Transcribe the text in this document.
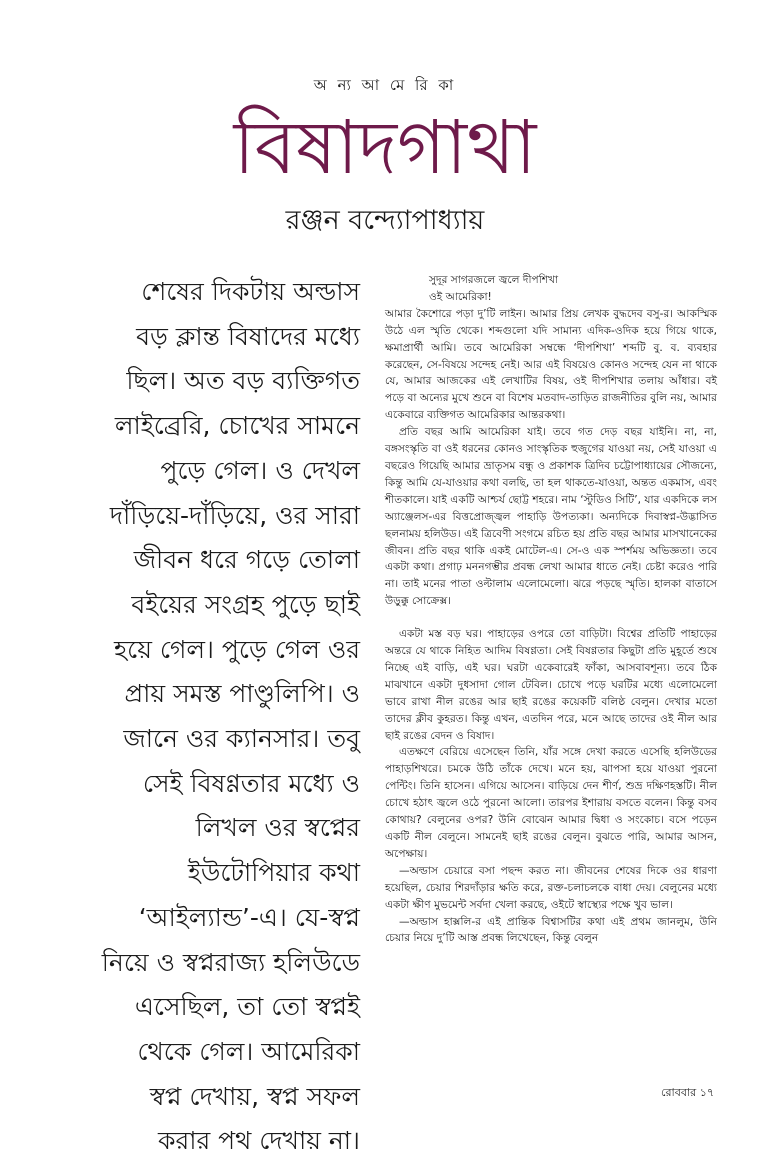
অ ন্য আ মে রি কা
বিষাদগাথা
রঞ্জন বন্দ্যোপাধ্যায়
শেষের দিকটায় অল্ডাস
বড় ক্লান্ত বিষাদের মধ্যে
ছিল। অত বড় ব্যক্তিগত
লাইব্রেরি, চোখের সামনে
পুড়ে গেল। ও দেখল
দাঁড়িয়ে-দাঁড়িয়ে, ওর সারা
জীবন ধরে গড়ে তোলা
বইয়ের সংগ্রহ পুড়ে ছাই
হয়ে গেল। পুড়ে গেল ওর
প্রায় সমস্ত পাণ্ডুলিপি। ও
জানে ওর ক্যানসার। তবু
সেই বিষণ্ণতার মধ্যে ও
লিখল ওর স্বপ্নের
ইউটোপিয়ার কথা
‘আইল্যান্ড’-এ। যে-স্বপ্ন
নিয়ে ও স্বপ্নরাজ্য হলিউডে
এসেছিল, তা তো স্বপ্নই
থেকে গেল। আমেরিকা
স্বপ্ন দেখায়, স্বপ্ন সফল
করার পথ দেখায় না।
সুদূর সাগরজলে জ্বলে দীপশিখা
ওই আমেরিকা!

আমার কৈশোরে পড়া দু’টি লাইন। আমার প্রিয় লেখক বুদ্ধদেব বসু-র। আকস্মিক উঠে এল স্মৃতি থেকে। শব্দগুলো যদি সামান্য এদিক-ওদিক হয়ে গিয়ে থাকে, ক্ষমাপ্রার্থী আমি। তবে আমেরিকা সম্বন্ধে ‘দীপশিখা’ শব্দটি বু. ব. ব্যবহার করেছেন, সে-বিষয়ে সন্দেহ নেই। আর এই বিষয়েও কোনও সন্দেহ যেন না থাকে যে, আমার আজকের এই লেখাটির বিষয়, ওই দীপশিখার তলায় আঁধার। বই পড়ে বা অন্যের মুখে শুনে বা বিশেষ মতবাদ-তাড়িত রাজনীতির বুলি নয়, আমার একেবারে ব্যক্তিগত আমেরিকার আন্তরকথা।

প্রতি বছর আমি আমেরিকা যাই। তবে গত দেড় বছর যাইনি। না, না, বঙ্গসংস্কৃতি বা ওই ধরনের কোনও সাংস্কৃতিক হুজুগের যাওয়া নয়, সেই যাওয়া এ বছরেও গিয়েছি আমার ভ্রাতৃসম বন্ধু ও প্রকাশক ত্রিদিব চট্টোপাধ্যায়ের সৌজন্যে, কিন্তু আমি যে-যাওয়ার কথা বলছি, তা হল থাকতে-যাওয়া, অন্তত একমাস, এবং শীতকালে। যাই একটি আশ্চর্য ছোট্ট শহরে। নাম ‘স্টুডিও সিটি’, যার একদিকে লস অ্যাঞ্জেলস-এর বিত্তপ্রোজ্জ্বল পাহাড়ি উপত্যকা। অন্যদিকে দিবাস্বপ্ন-উদ্ভাসিত ছলনাময় হলিউড। এই ত্রিবেণী সংগমে রচিত হয় প্রতি বছর আমার মাসখানেকের জীবন। প্রতি বছর থাকি একই মোটেল-এ। সে-ও এক স্পর্শময় অভিজ্ঞতা। তবে একটা কথা। প্রগাঢ় মননগম্ভীর প্রবন্ধ লেখা আমার ধাতে নেই। চেষ্টা করেও পারি না। তাই মনের পাতা ওল্টালাম এলোমেলো। ঝরে পড়ছে স্মৃতি। হালকা বাতাসে উড়ুক্কু সোক্রেক্স।

একটা মস্ত বড় ঘর। পাহাড়ের ওপরে তো বাড়িটা। বিশ্বের প্রতিটি পাহাড়ের অন্তরে যে থাকে নিহিত আদিম বিষণ্ণতা। সেই বিষণ্ণতার কিছুটা প্রতি মুহূর্তে শুষে নিচ্ছে এই বাড়ি, এই ঘর। ঘরটা একেবারেই ফাঁকা, আসবাবশূন্য। তবে ঠিক মাঝখানে একটা দুধসাদা গোল টেবিল। চোখে পড়ে ঘরটির মধ্যে এলোমেলো ভাবে রাখা নীল রঙের আর ছাই রঙের কয়েকটি বলিষ্ঠ বেলুন। দেখার মতো তাদের ক্লীব কুহরত। কিন্তু এখন, এতদিন পরে, মনে আছে তাদের ওই নীল আর ছাই রঙের বেদন ও বিষাদ।

এতক্ষণে বেরিয়ে এসেছেন তিনি, যাঁর সঙ্গে দেখা করতে এসেছি হলিউডের পাহাড়শিখরে। চমকে উঠি তাঁকে দেখে। মনে হয়, ঝাপসা হয়ে যাওয়া পুরনো পেন্টিং। তিনি হাসেন। এগিয়ে আসেন। বাড়িয়ে দেন শীর্ণ, শুভ্র দক্ষিণহস্তটি। নীল চোখে হঠাৎ জ্বলে ওঠে পুরনো আলো। তারপর ইশারায় বসতে বলেন। কিন্তু বসব কোথায়? বেলুনের ওপর? উনি বোঝেন আমার দ্বিধা ও সংকোচ। বসে পড়েন একটি নীল বেলুনে। সামনেই ছাই রঙের বেলুন। বুঝতে পারি, আমার আসন, অপেক্ষায়।

—অল্ডাস চেয়ারে বসা পছন্দ করত না। জীবনের শেষের দিকে ওর ধারণা হয়েছিল, চেয়ার শিরদাঁড়ার ক্ষতি করে, রক্ত-চলাচলকে বাধা দেয়। বেলুনের মধ্যে একটা ক্ষীণ মুভমেন্ট সর্বদা খেলা করছে, ওইটে স্বাস্থ্যের পক্ষে খুব ভাল।

—অল্ডাস হাক্সলি-র এই প্রান্তিক বিশ্বাসটির কথা এই প্রথম জানলুম, উনি চেয়ার নিয়ে দু’টি আস্ত প্রবন্ধ লিখেছেন, কিন্তু বেলুন

রোববার ১৭
